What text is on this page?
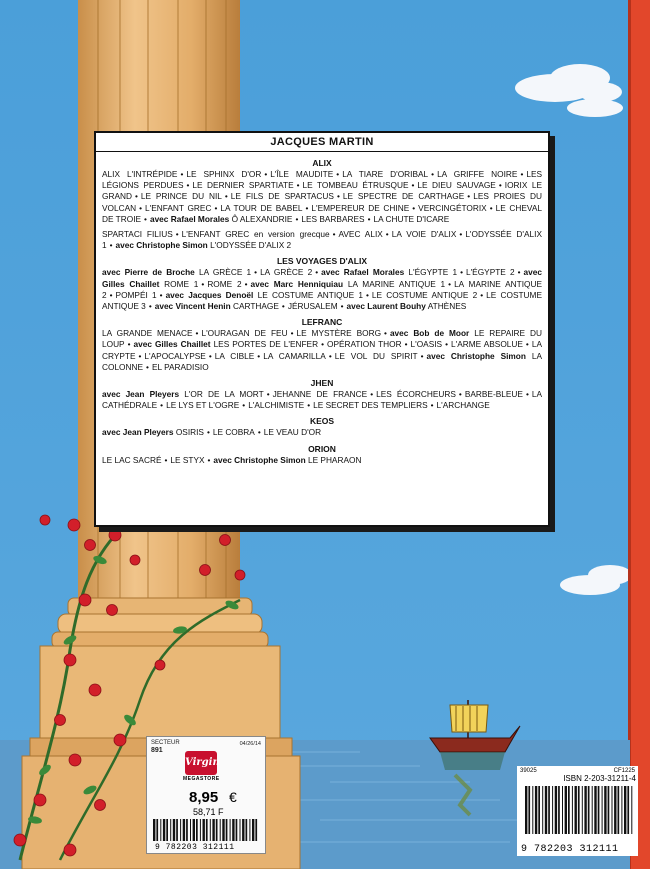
JACQUES MARTIN
ALIX

ALIX L'INTRÉPIDE • LE SPHINX D'OR • L'ÎLE MAUDITE • LA TIARE D'ORIBAL • LA GRIFFE NOIRE • LES LÉGIONS PERDUES • LE DERNIER SPARTIATE • LE TOMBEAU ÉTRUSQUE • LE DIEU SAUVAGE • IORIX LE GRAND • LE PRINCE DU NIL • LE FILS DE SPARTACUS • LE SPECTRE DE CARTHAGE • LES PROIES DU VOLCAN • L'ENFANT GREC • LA TOUR DE BABEL • L'EMPEREUR DE CHINE • VERCINGÉTORIX • LE CHEVAL DE TROIE • avec Rafael Morales Ô ALEXANDRIE • LES BARBARES • LA CHUTE D'ICARE

SPARTACI FILIUS • L'ENFANT GREC en version grecque • AVEC ALIX • LA VOIE D'ALIX • L'ODYSSÉE D'ALIX 1 • avec Christophe Simon L'ODYSSÉE D'ALIX 2

LES VOYAGES D'ALIX

avec Pierre de Broche LA GRÈCE 1 • LA GRÈCE 2 • avec Rafael Morales L'ÉGYPTE 1 • L'ÉGYPTE 2 • avec Gilles Chaillet ROME 1 • ROME 2 • avec Marc Henniquiau LA MARINE ANTIQUE 1 • LA MARINE ANTIQUE 2 • POMPÉI 1 • avec Jacques Denoël LE COSTUME ANTIQUE 1 • LE COSTUME ANTIQUE 2 • LE COSTUME ANTIQUE 3 • avec Vincent Henin CARTHAGE • JÉRUSALEM • avec Laurent Bouhy ATHÈNES

LEFRANC

LA GRANDE MENACE • L'OURAGAN DE FEU • LE MYSTÈRE BORG • avec Bob de Moor LE REPAIRE DU LOUP • avec Gilles Chaillet LES PORTES DE L'ENFER • OPÉRATION THOR • L'OASIS • L'ARME ABSOLUE • LA CRYPTE • L'APOCALYPSE • LA CIBLE • LA CAMARILLA • LE VOL DU SPIRIT • avec Christophe Simon LA COLONNE • EL PARADISIO

JHEN

avec Jean Pleyers L'OR DE LA MORT • JEHANNE DE FRANCE • LES ÉCORCHEURS • BARBE-BLEUE • LA CATHÉDRALE • LE LYS ET L'OGRE • L'ALCHIMISTE • LE SECRET DES TEMPLIERS • L'ARCHANGE

KEOS

avec Jean Pleyers OSIRIS • LE COBRA • LE VEAU D'OR

ORION

LE LAC SACRÉ • LE STYX • avec Christophe Simon LE PHARAON

SECTEUR
891
04/26/14
Virgin
MEGASTORE
8,95 €
58,71 F
9 782203 312111
39025	CF1225
ISBN 2-203-31211-4
9 782203 312111
